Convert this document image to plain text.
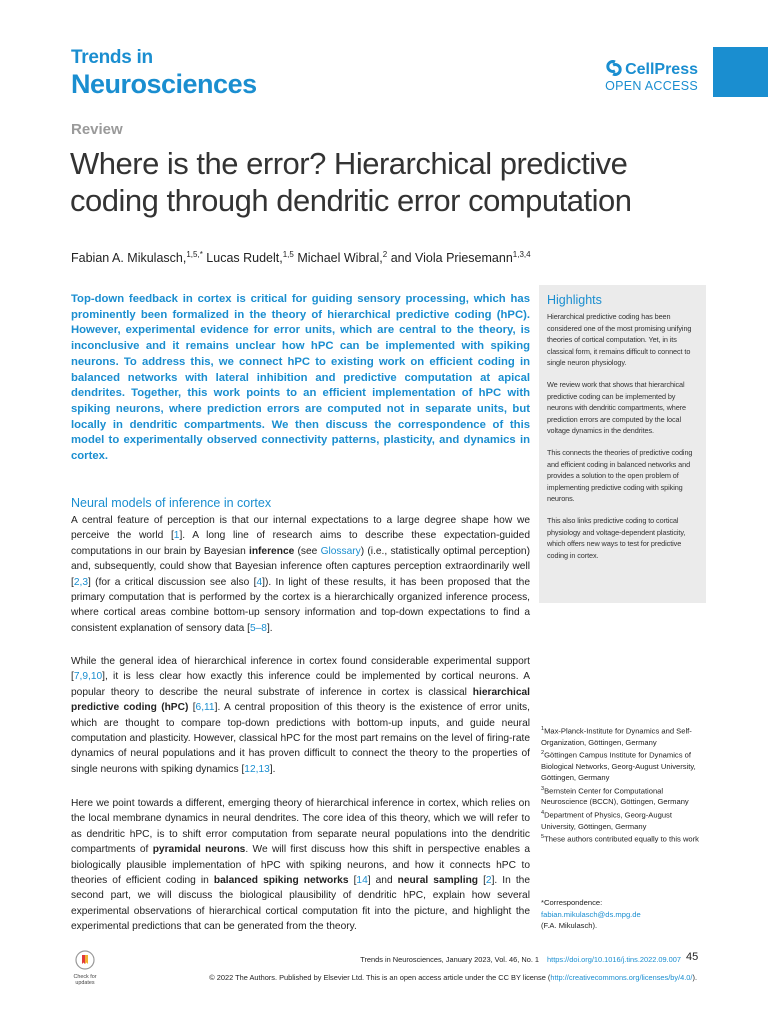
Trends in
Neurosciences	CellPress
OPEN ACCESS
Review
Where is the error? Hierarchical predictive coding through dendritic error computation
Fabian A. Mikulasch,$^{1,5,*}$ Lucas Rudelt,$^{1,5}$ Michael Wibral,$^2$ and Viola Priesemann$^{1,3,4}$

Top-down feedback in cortex is critical for guiding sensory processing, which has prominently been formalized in the theory of hierarchical predictive coding (hPC). However, experimental evidence for error units, which are central to the theory, is inconclusive and it remains unclear how hPC can be implemented with spiking neurons. To address this, we connect hPC to existing work on efficient coding in balanced networks with lateral inhibition and predictive computation at apical dendrites. Together, this work points to an efficient implementation of hPC with spiking neurons, where prediction errors are computed not in separate units, but locally in dendritic compartments. We then discuss the correspondence of this model to experimentally observed connectivity patterns, plasticity, and dynamics in cortex.

Highlights

Hierarchical predictive coding has been considered one of the most promising unifying theories of cortical computation. Yet, in its classical form, it remains difficult to connect to single neuron physiology.

We review work that shows that hierarchical predictive coding can be implemented by neurons with dendritic compartments, where prediction errors are computed by the local voltage dynamics in the dendrites.

This connects the theories of predictive coding and efficient coding in balanced networks and provides a solution to the open problem of implementing predictive coding with spiking neurons.

This also links predictive coding to cortical physiology and voltage-dependent plasticity, which offers new ways to test for predictive coding in cortex.

Neural models of inference in cortex

A central feature of perception is that our internal expectations to a large degree shape how we perceive the world [1]. A long line of research aims to describe these expectation-guided computations in our brain by Bayesian inference (see Glossary) (i.e., statistically optimal perception) and, subsequently, could show that Bayesian inference often captures perception extraordinarily well [2,3] (for a critical discussion see also [4]). In light of these results, it has been proposed that the primary computation that is performed by the cortex is a hierarchically organized inference process, where cortical areas combine bottom-up sensory information and top-down expectations to find a consistent explanation of sensory data [5–8].

While the general idea of hierarchical inference in cortex found considerable experimental support [7,9,10], it is less clear how exactly this inference could be implemented by cortical neurons. A popular theory to describe the neural substrate of inference in cortex is classical hierarchical predictive coding (hPC) [6,11]. A central proposition of this theory is the existence of error units, which are thought to compare top-down predictions with bottom-up inputs, and guide neural computation and plasticity. However, classical hPC for the most part remains on the level of firing-rate dynamics of neural populations and it has proven difficult to connect the theory to the properties of single neurons with spiking dynamics [12,13].

Here we point towards a different, emerging theory of hierarchical inference in cortex, which relies on the local membrane dynamics in neural dendrites. The core idea of this theory, which we will refer to as dendritic hPC, is to shift error computation from separate neural populations into the dendritic compartments of pyramidal neurons. We will first discuss how this shift in perspective enables a biologically plausible implementation of hPC with spiking neurons, and how it connects hPC to theories of efficient coding in balanced spiking networks [14] and neural sampling [2]. In the second part, we will discuss the biological plausibility of dendritic hPC, explain how several experimental observations of hierarchical cortical computation fit into the picture, and highlight the experimental predictions that can be generated from the theory.

$^1$Max-Planck-Institute for Dynamics and Self-Organization, Göttingen, Germany
$^2$Göttingen Campus Institute for Dynamics of Biological Networks, Georg-August University, Göttingen, Germany
$^3$Bernstein Center for Computational Neuroscience (BCCN), Göttingen, Germany
$^4$Department of Physics, Georg-August University, Göttingen, Germany
$^5$These authors contributed equally to this work
*Correspondence:
fabian.mikulasch@ds.mpg.de
(F.A. Mikulasch).
Check for
updates
Trends in Neurosciences, January 2023, Vol. 46, No. 1 https://doi.org/10.1016/j.tins.2022.09.007 45
© 2022 The Authors. Published by Elsevier Ltd. This is an open access article under the CC BY license (http://creativecommons.org/licenses/by/4.0/).
